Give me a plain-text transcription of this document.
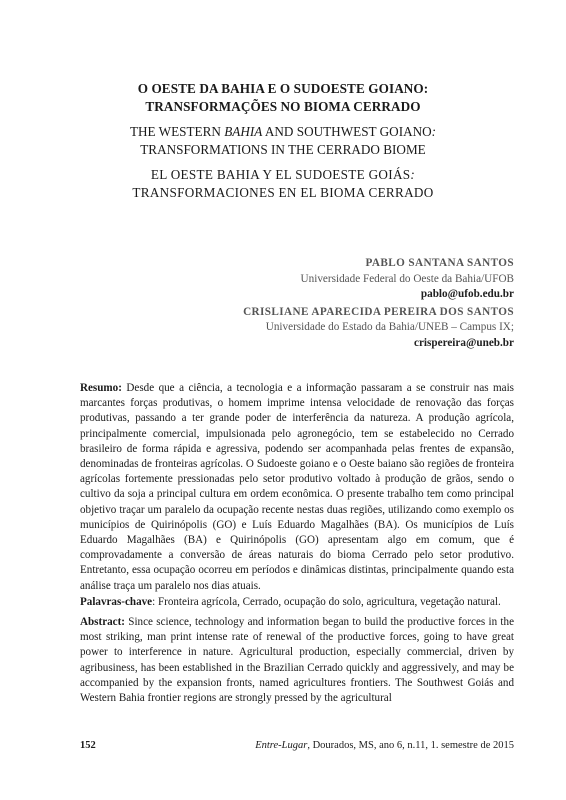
O OESTE DA BAHIA E O SUDOESTE GOIANO:
TRANSFORMAÇÕES NO BIOMA CERRADO
THE WESTERN BAHIA AND SOUTHWEST GOIANO:
TRANSFORMATIONS IN THE CERRADO BIOME
EL OESTE BAHIA Y EL SUDOESTE GOIÁS:
TRANSFORMACIONES EN EL BIOMA CERRADO
PABLO SANTANA SANTOS
Universidade Federal do Oeste da Bahia/UFOB
pablo@ufob.edu.br
CRISLIANE APARECIDA PEREIRA DOS SANTOS
Universidade do Estado da Bahia/UNEB – Campus IX;
crispereira@uneb.br

Resumo: Desde que a ciência, a tecnologia e a informação passaram a se construir nas mais marcantes forças produtivas, o homem imprime intensa velocidade de renovação das forças produtivas, passando a ter grande poder de interferência da natureza. A produção agrícola, principalmente comercial, impulsionada pelo agronegócio, tem se estabelecido no Cerrado brasileiro de forma rápida e agressiva, podendo ser acompanhada pelas frentes de expansão, denominadas de fronteiras agrícolas. O Sudoeste goiano e o Oeste baiano são regiões de fronteira agrícolas fortemente pressionadas pelo setor produtivo voltado à produção de grãos, sendo o cultivo da soja a principal cultura em ordem econômica. O presente trabalho tem como principal objetivo traçar um paralelo da ocupação recente nestas duas regiões, utilizando como exemplo os municípios de Quirinópolis (GO) e Luís Eduardo Magalhães (BA). Os municípios de Luís Eduardo Magalhães (BA) e Quirinópolis (GO) apresentam algo em comum, que é comprovadamente a conversão de áreas naturais do bioma Cerrado pelo setor produtivo. Entretanto, essa ocupação ocorreu em períodos e dinâmicas distintas, principalmente quando esta análise traça um paralelo nos dias atuais.

Palavras-chave: Fronteira agrícola, Cerrado, ocupação do solo, agricultura, vegetação natural.

Abstract: Since science, technology and information began to build the productive forces in the most striking, man print intense rate of renewal of the productive forces, going to have great power to interference in nature. Agricultural production, especially commercial, driven by agribusiness, has been established in the Brazilian Cerrado quickly and aggressively, and may be accompanied by the expansion fronts, named agricultures frontiers. The Southwest Goiás and Western Bahia frontier regions are strongly pressed by the agricultural

152	Entre-Lugar, Dourados, MS, ano 6, n.11, 1. semestre de 2015
